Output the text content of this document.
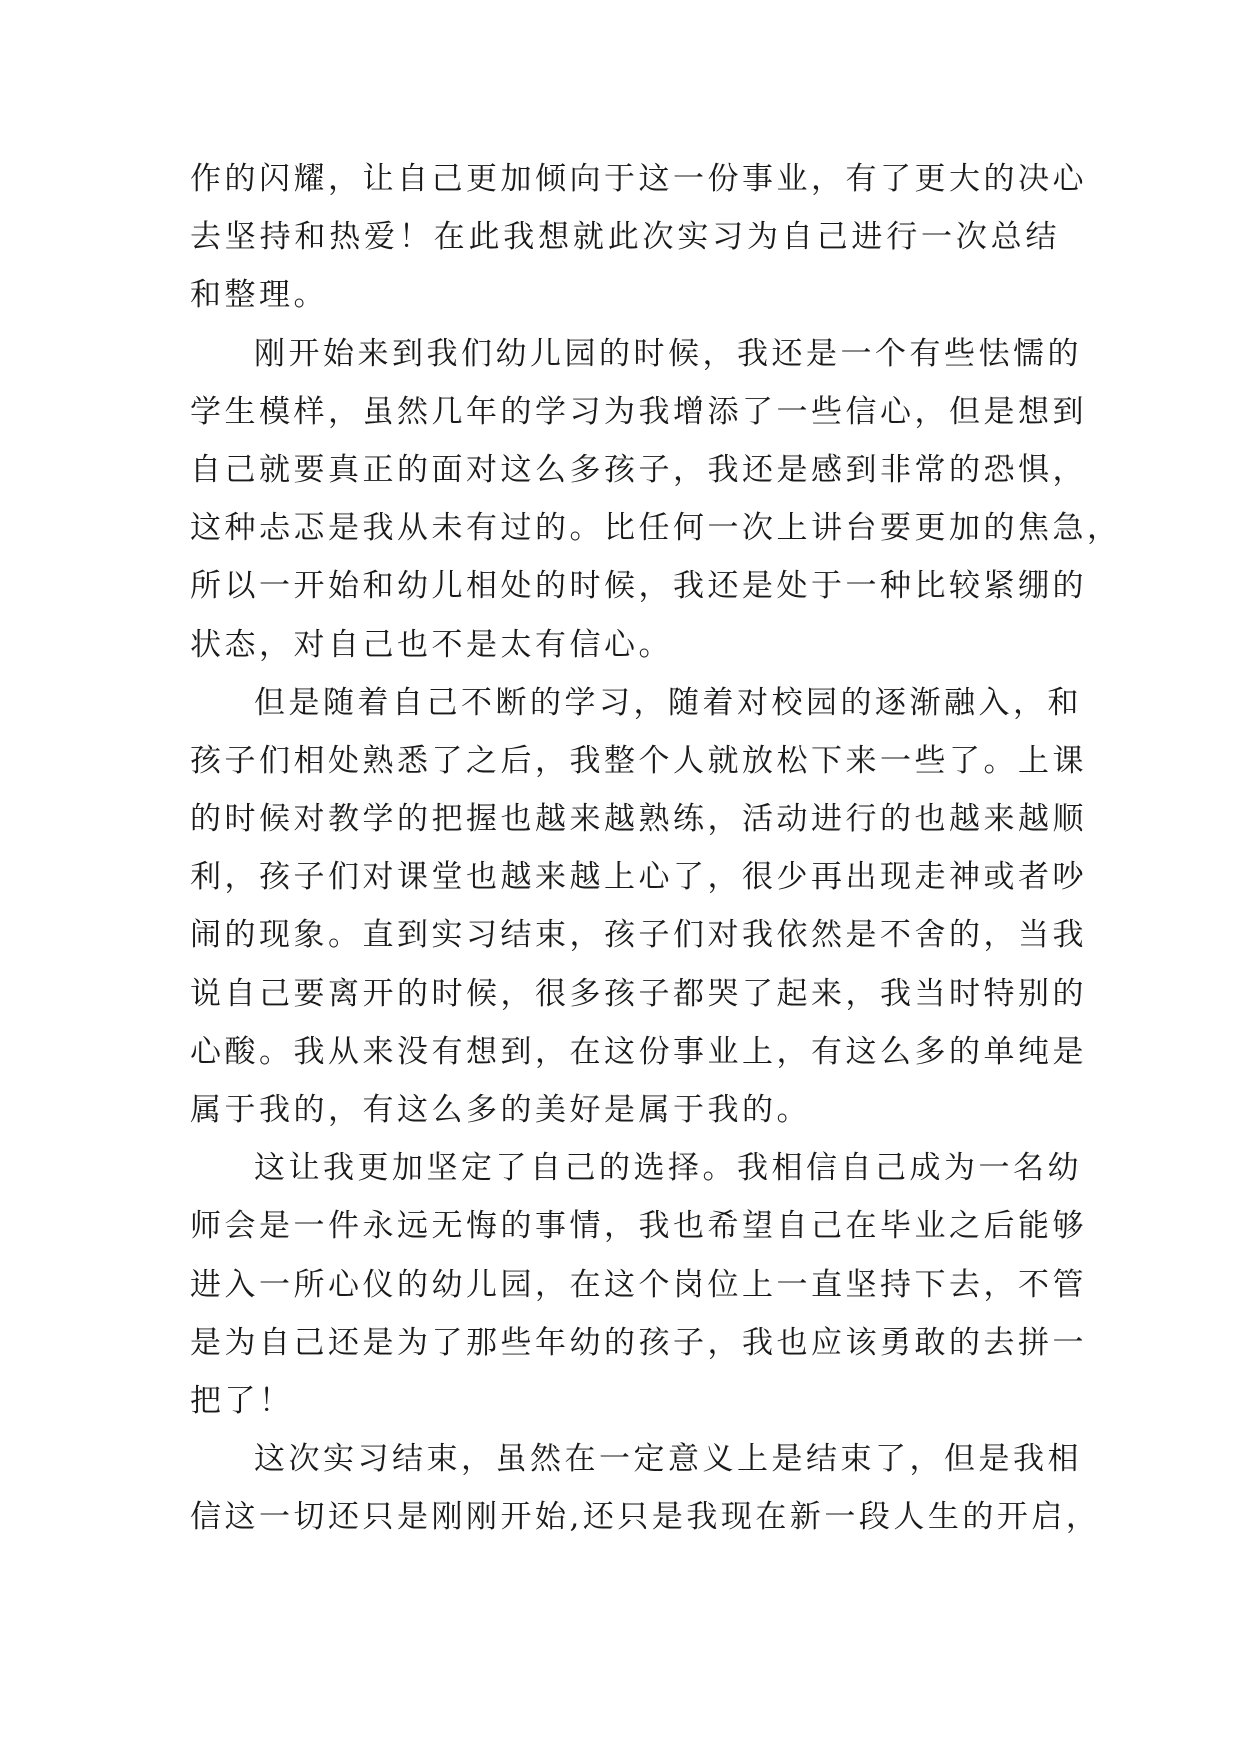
作的闪耀，让自己更加倾向于这一份事业，有了更大的决心
去坚持和热爱！在此我想就此次实习为自己进行一次总结
和整理。
刚开始来到我们幼儿园的时候，我还是一个有些怯懦的
学生模样，虽然几年的学习为我增添了一些信心，但是想到
自己就要真正的面对这么多孩子，我还是感到非常的恐惧，
这种忐忑是我从未有过的。比任何一次上讲台要更加的焦急，
所以一开始和幼儿相处的时候，我还是处于一种比较紧绷的
状态，对自己也不是太有信心。
但是随着自己不断的学习，随着对校园的逐渐融入，和
孩子们相处熟悉了之后，我整个人就放松下来一些了。上课
的时候对教学的把握也越来越熟练，活动进行的也越来越顺
利，孩子们对课堂也越来越上心了，很少再出现走神或者吵
闹的现象。直到实习结束，孩子们对我依然是不舍的，当我
说自己要离开的时候，很多孩子都哭了起来，我当时特别的
心酸。我从来没有想到，在这份事业上，有这么多的单纯是
属于我的，有这么多的美好是属于我的。
这让我更加坚定了自己的选择。我相信自己成为一名幼
师会是一件永远无悔的事情，我也希望自己在毕业之后能够
进入一所心仪的幼儿园，在这个岗位上一直坚持下去，不管
是为自己还是为了那些年幼的孩子，我也应该勇敢的去拼一
把了！
这次实习结束，虽然在一定意义上是结束了，但是我相
信这一切还只是刚刚开始,还只是我现在新一段人生的开启，
